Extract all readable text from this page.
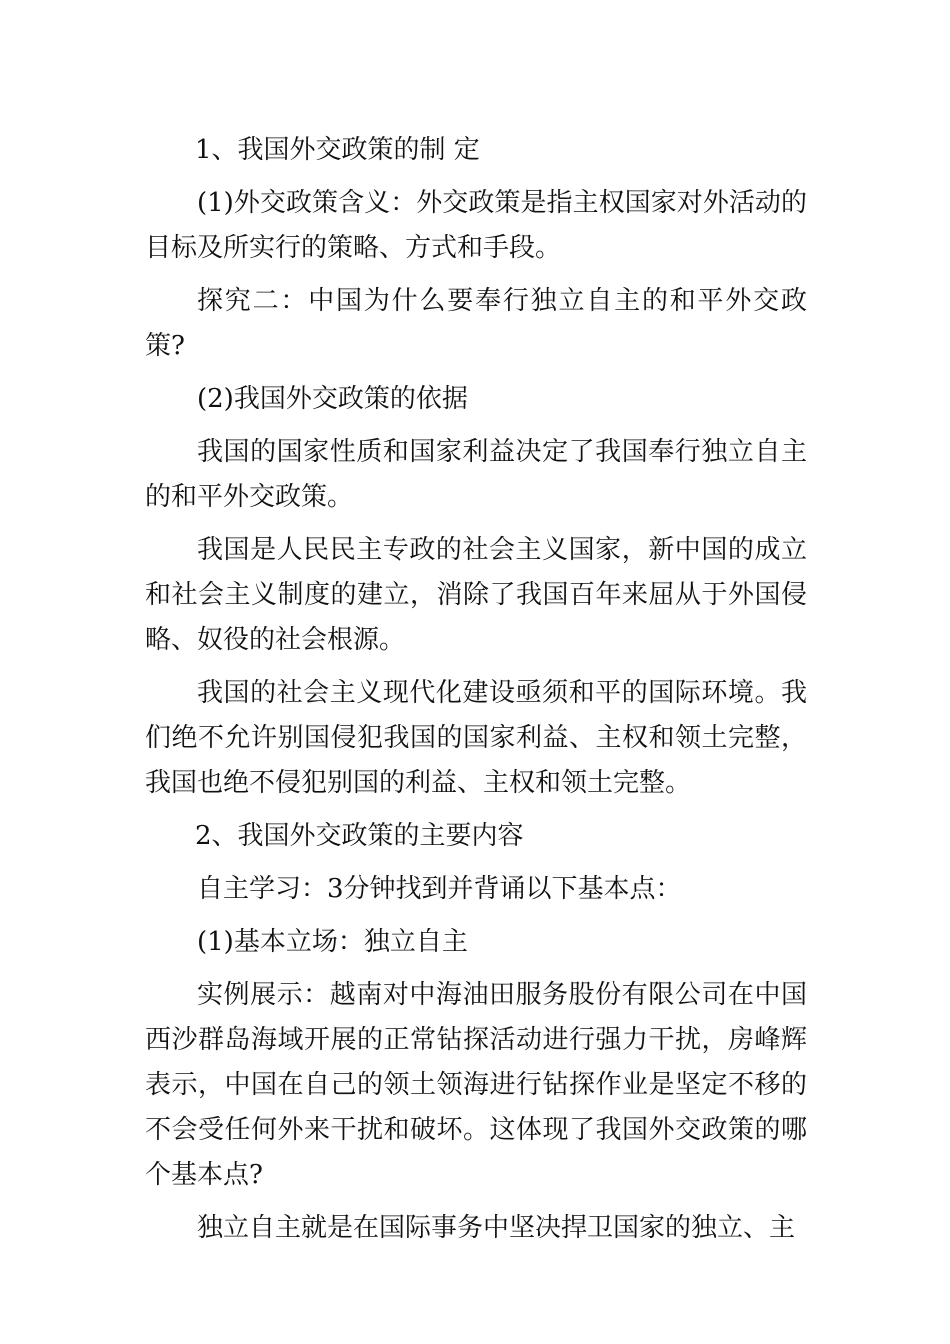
1、我国外交政策的制 定

(1)外交政策含义：外交政策是指主权国家对外活动的目标及所实行的策略、方式和手段。

探究二：中国为什么要奉行独立自主的和平外交政策?

(2)我国外交政策的依据

我国的国家性质和国家利益决定了我国奉行独立自主的和平外交政策。

我国是人民民主专政的社会主义国家，新中国的成立和社会主义制度的建立，消除了我国百年来屈从于外国侵略、奴役的社会根源。

我国的社会主义现代化建设亟须和平的国际环境。我们绝不允许别国侵犯我国的国家利益、主权和领土完整，我国也绝不侵犯别国的利益、主权和领土完整。

2、我国外交政策的主要内容

自主学习：3分钟找到并背诵以下基本点：

(1)基本立场：独立自主

实例展示：越南对中海油田服务股份有限公司在中国西沙群岛海域开展的正常钻探活动进行强力干扰，房峰辉表示，中国在自己的领土领海进行钻探作业是坚定不移的不会受任何外来干扰和破坏。这体现了我国外交政策的哪个基本点?

独立自主就是在国际事务中坚决捍卫国家的独立、主
